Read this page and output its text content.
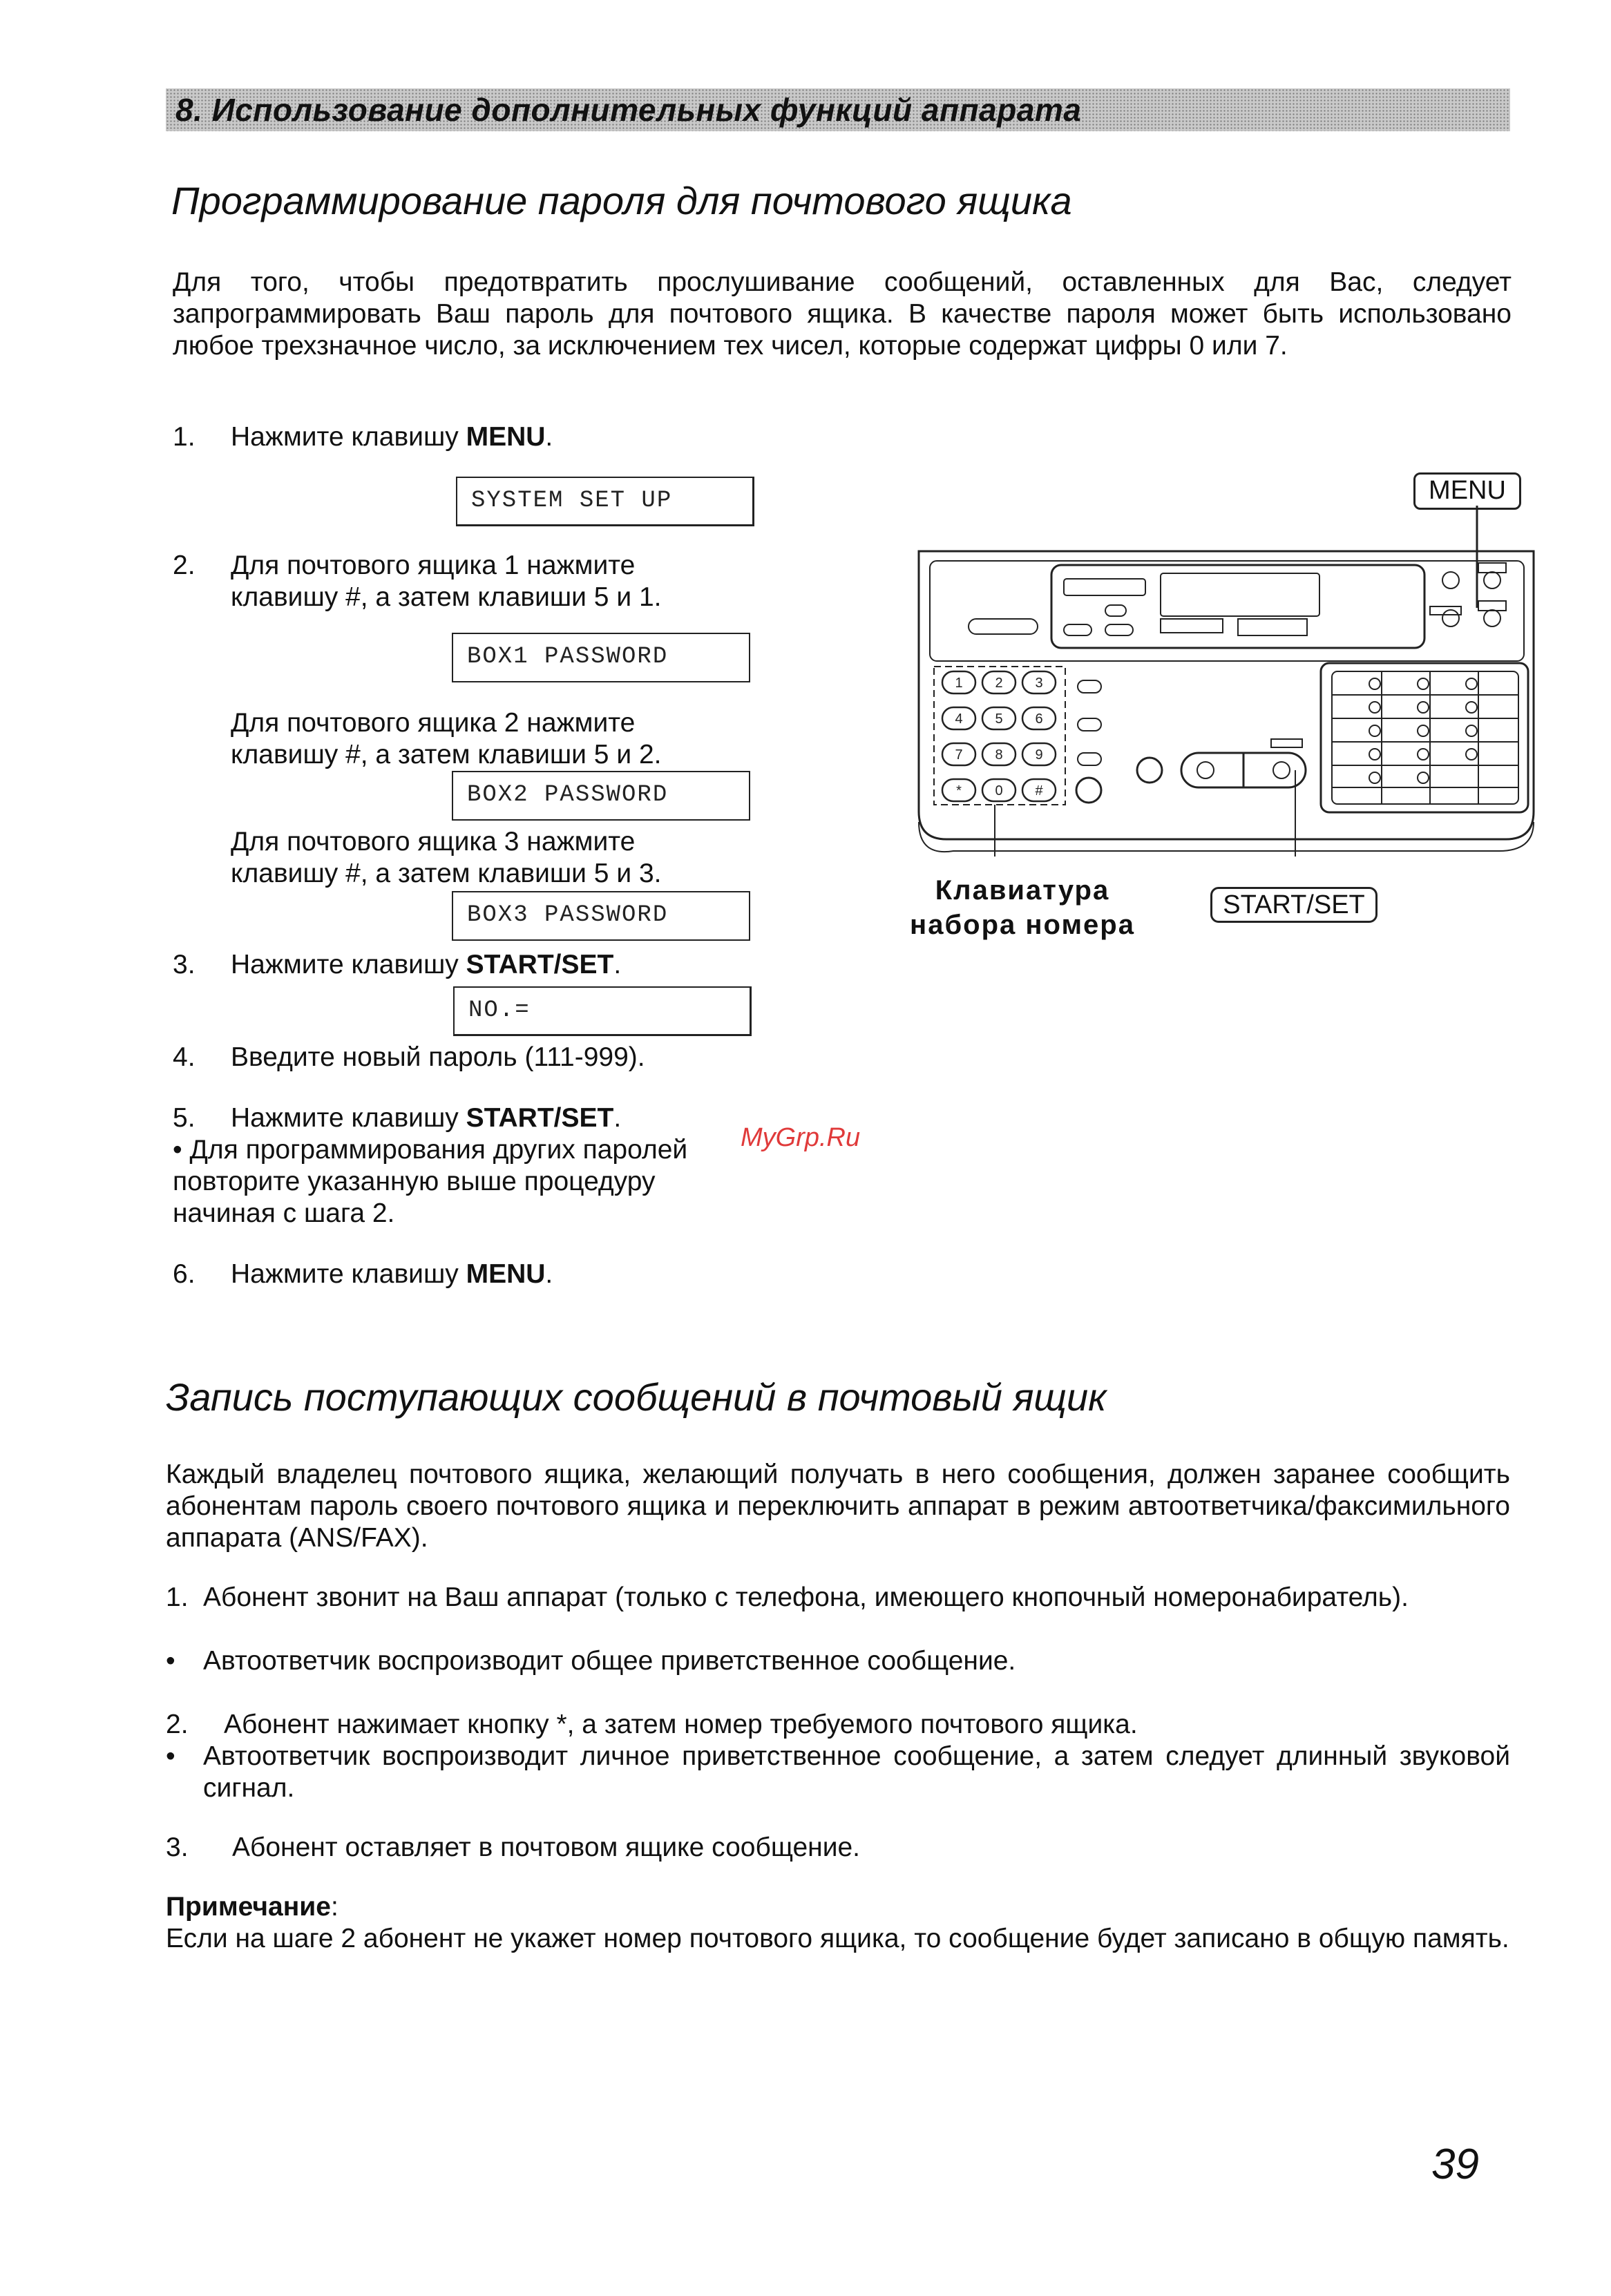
8. Использование дополнительных функций аппарата
Программирование пароля для почтового ящика
Для того, чтобы предотвратить прослушивание сообщений, оставленных для Вас, следует запрограммировать Ваш пароль для почтового ящика. В качестве пароля может быть использовано любое трехзначное число, за исключением тех чисел, которые содержат цифры 0 или 7.
1. Нажмите клавишу MENU.
SYSTEM SET UP
2. Для почтового ящика 1 нажмите
клавишу #, а затем клавиши 5 и 1.
BOX1 PASSWORD
Для почтового ящика 2 нажмите
клавишу #, а затем клавиши 5 и 2.
BOX2 PASSWORD
Для почтового ящика 3 нажмите
клавишу #, а затем клавиши 5 и 3.
BOX3 PASSWORD
3. Нажмите клавишу START/SET.
NO.=
4. Введите новый пароль (111-999).
5. Нажмите клавишу START/SET.
• Для программирования других паролей
повторите указанную выше процедуру
начиная с шага 2.
MyGrp.Ru
6. Нажмите клавишу MENU.
MENU
1 2 3
4 5 6
7 8 9
* 0 #
Клавиатура
набора номера
START/SET
Запись поступающих сообщений в почтовый ящик
Каждый владелец почтового ящика, желающий получать в него сообщения, должен заранее сообщить абонентам пароль своего почтового ящика и переключить аппарат в режим автоответчика/факсимильного аппарата (ANS/FAX).
1. Абонент звонит на Ваш аппарат (только с телефона, имеющего кнопочный номеронабиратель).
• Автоответчик воспроизводит общее приветственное сообщение.
2. Абонент нажимает кнопку *, а затем номер требуемого почтового ящика.
• Автоответчик воспроизводит личное приветственное сообщение, а затем следует длинный звуковой сигнал.
3. Абонент оставляет в почтовом ящике сообщение.
Примечание:
Если на шаге 2 абонент не укажет номер почтового ящика, то сообщение будет записано в общую память.
39
